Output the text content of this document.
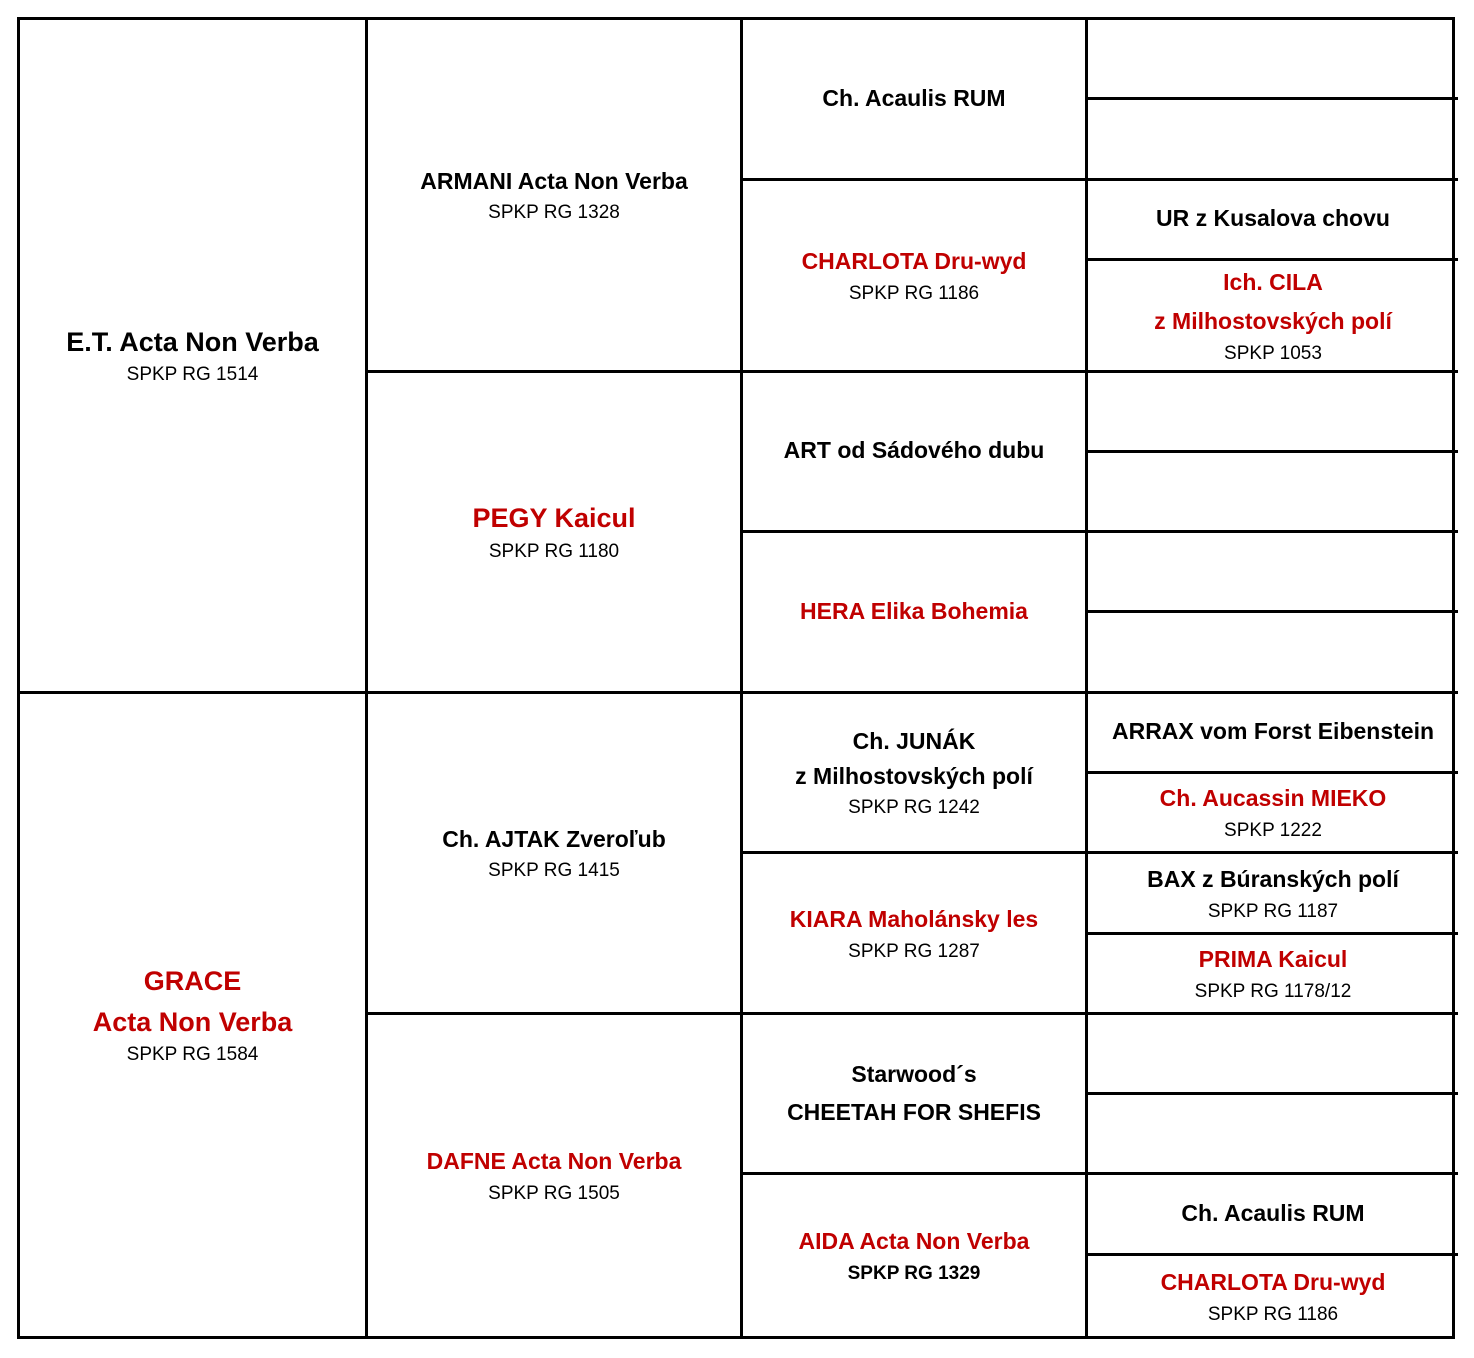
E.T. Acta Non Verba
SPKP RG 1514
GRACE
Acta Non Verba
SPKP RG 1584
ARMANI Acta Non Verba
SPKP RG 1328
PEGY Kaicul
SPKP RG 1180
Ch. AJTAK Zveroľub
SPKP RG 1415
DAFNE Acta Non Verba
SPKP RG 1505
Ch. Acaulis RUM
CHARLOTA Dru-wyd
SPKP RG 1186
ART od Sádového dubu
HERA Elika Bohemia
Ch. JUNÁK
z Milhostovských polí
SPKP RG 1242
KIARA Maholánsky les
SPKP RG 1287
Starwood´s
CHEETAH FOR SHEFIS
AIDA Acta Non Verba
SPKP RG 1329
UR z Kusalova chovu
Ich. CILA
z Milhostovských polí
SPKP 1053
ARRAX vom Forst Eibenstein
Ch. Aucassin MIEKO
SPKP 1222
BAX z Búranských polí
SPKP RG 1187
PRIMA Kaicul
SPKP RG 1178/12
Ch. Acaulis RUM
CHARLOTA Dru-wyd
SPKP RG 1186
